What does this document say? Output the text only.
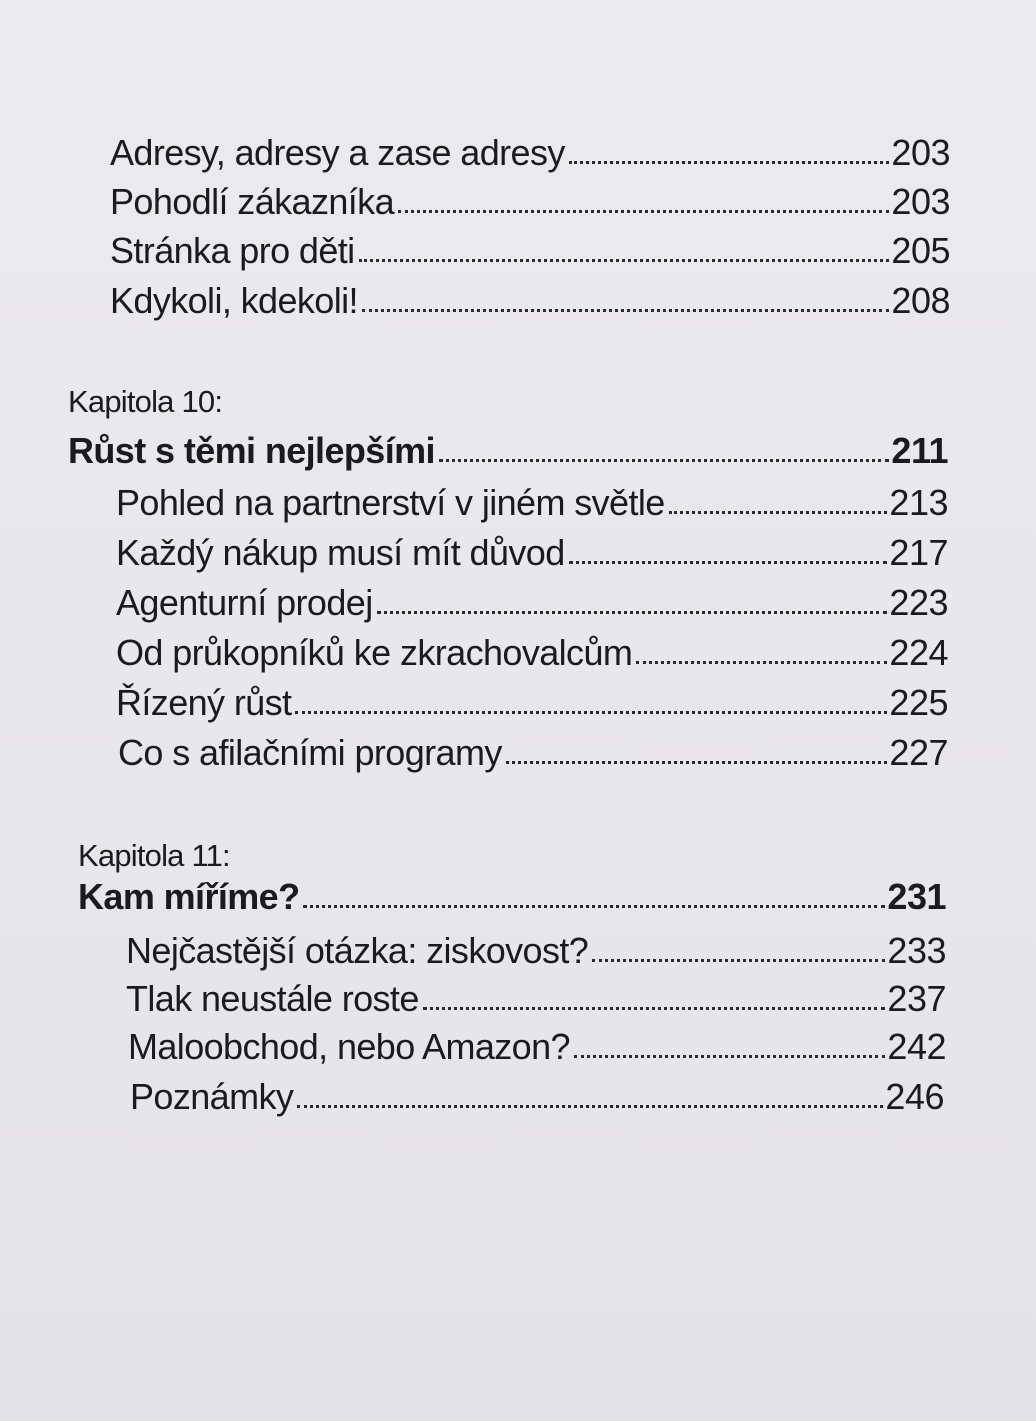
Adresy, adresy a zase adresy	203
Pohodlí zákazníka	203
Stránka pro děti	205
Kdykoli, kdekoli!	208
Kapitola 10:
Růst s těmi nejlepšími	211
Pohled na partnerství v jiném světle	213
Každý nákup musí mít důvod	217
Agenturní prodej	223
Od průkopníků ke zkrachovalcům	224
Řízený růst	225
Co s afilačními programy	227
Kapitola 11:
Kam míříme?	231
Nejčastější otázka: ziskovost?	233
Tlak neustále roste	237
Maloobchod, nebo Amazon?	242
Poznámky	246
